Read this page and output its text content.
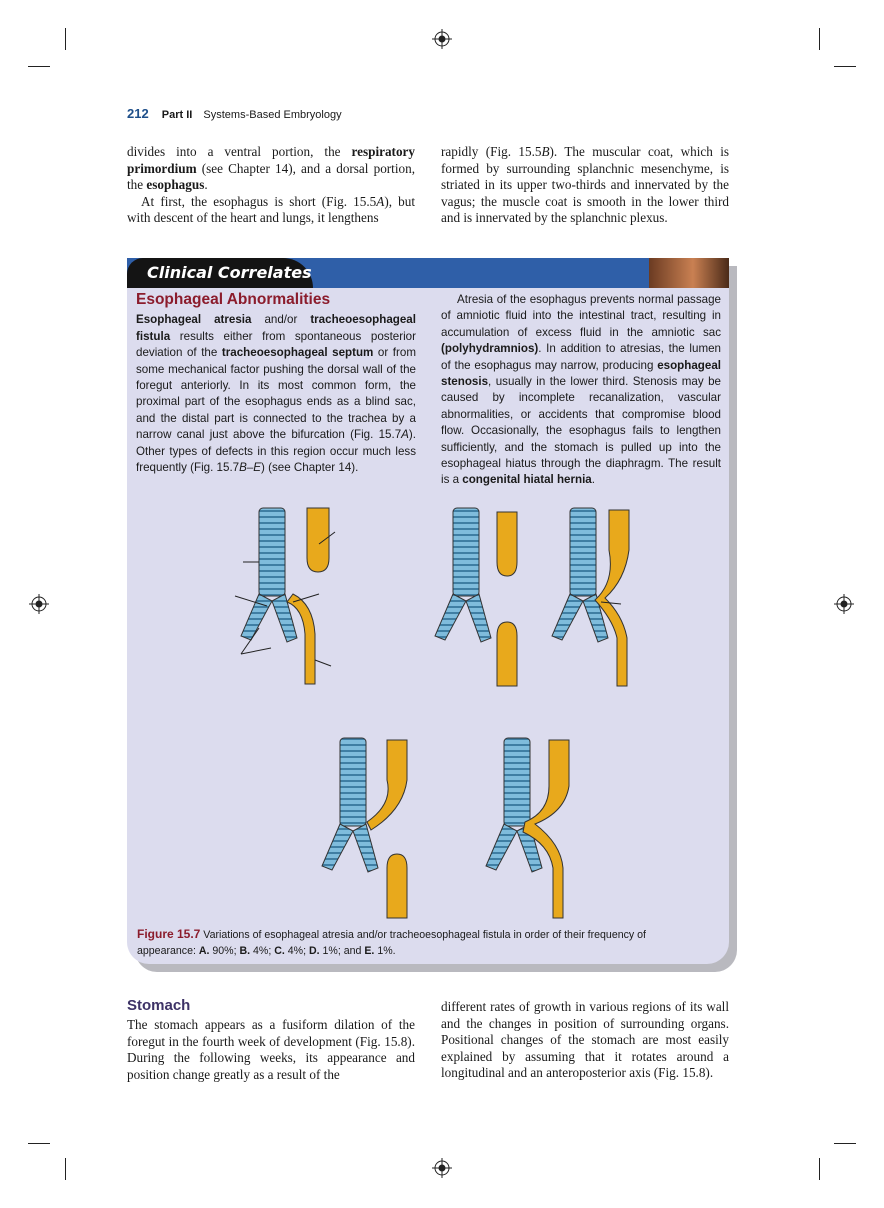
212 Part II Systems-Based Embryology

divides into a ventral portion, the respiratory primordium (see Chapter 14), and a dorsal portion, the esophagus.

At first, the esophagus is short (Fig. 15.5A), but with descent of the heart and lungs, it lengthens

rapidly (Fig. 15.5B). The muscular coat, which is formed by surrounding splanchnic mesenchyme, is striated in its upper two-thirds and innervated by the vagus; the muscle coat is smooth in the lower third and is innervated by the splanchnic plexus.

Clinical Correlates
Esophageal Abnormalities

Esophageal atresia and/or tracheoesophageal fistula results either from spontaneous posterior deviation of the tracheoesophageal septum or from some mechanical factor pushing the dorsal wall of the foregut anteriorly. In its most common form, the proximal part of the esophagus ends as a blind sac, and the distal part is connected to the trachea by a narrow canal just above the bifurcation (Fig. 15.7A). Other types of defects in this region occur much less frequently (Fig. 15.7B–E) (see Chapter 14).

Atresia of the esophagus prevents normal passage of amniotic fluid into the intestinal tract, resulting in accumulation of excess fluid in the amniotic sac (polyhydramnios). In addition to atresias, the lumen of the esophagus may narrow, producing esophageal stenosis, usually in the lower third. Stenosis may be caused by incomplete recanalization, vascular abnormalities, or accidents that compromise blood flow. Occasionally, the esophagus fails to lengthen sufficiently, and the stomach is pulled up into the esophageal hiatus through the diaphragm. The result is a congenital hiatal hernia.

Figure 15.7 Variations of esophageal atresia and/or tracheoesophageal fistula in order of their frequency of appearance: A. 90%; B. 4%; C. 4%; D. 1%; and E. 1%.
Stomach

The stomach appears as a fusiform dilation of the foregut in the fourth week of development (Fig. 15.8). During the following weeks, its appearance and position change greatly as a result of the

different rates of growth in various regions of its wall and the changes in position of surrounding organs. Positional changes of the stomach are most easily explained by assuming that it rotates around a longitudinal and an anteroposterior axis (Fig. 15.8).
